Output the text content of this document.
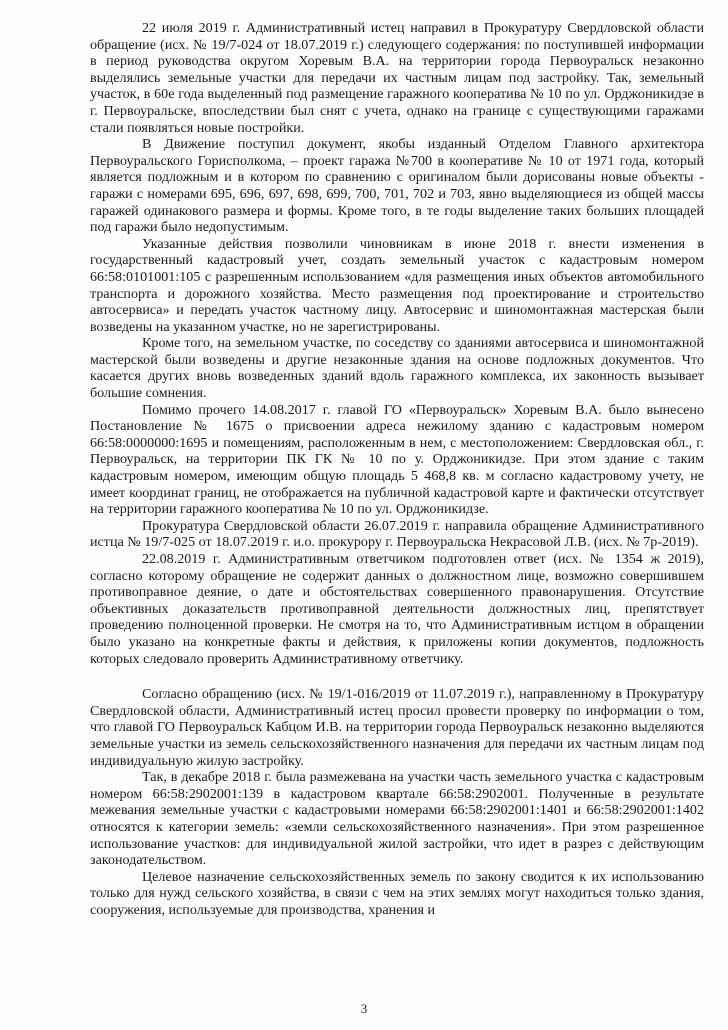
22 июля 2019 г. Административный истец направил в Прокуратуру Свердловской области обращение (исх. № 19/7-024 от 18.07.2019 г.) следующего содержания: по поступившей информации в период руководства округом Хоревым В.А. на территории города Первоуральск незаконно выделялись земельные участки для передачи их частным лицам под застройку. Так, земельный участок, в 60е года выделенный под размещение гаражного кооператива № 10 по ул. Орджоникидзе в г. Первоуральске, впоследствии был снят с учета, однако на границе с существующими гаражами стали появляться новые постройки.

В Движение поступил документ, якобы изданный Отделом Главного архитектора Первоуральского Горисполкома, – проект гаража №700 в кооперативе № 10 от 1971 года, который является подложным и в котором по сравнению с оригиналом были дорисованы новые объекты - гаражи с номерами 695, 696, 697, 698, 699, 700, 701, 702 и 703, явно выделяющиеся из общей массы гаражей одинакового размера и формы. Кроме того, в те годы выделение таких больших площадей под гаражи было недопустимым.

Указанные действия позволили чиновникам в июне 2018 г. внести изменения в государственный кадастровый учет, создать земельный участок с кадастровым номером 66:58:0101001:105 с разрешенным использованием «для размещения иных объектов автомобильного транспорта и дорожного хозяйства. Место размещения под проектирование и строительство автосервиса» и передать участок частному лицу. Автосервис и шиномонтажная мастерская были возведены на указанном участке, но не зарегистрированы.

Кроме того, на земельном участке, по соседству со зданиями автосервиса и шиномонтажной мастерской были возведены и другие незаконные здания на основе подложных документов. Что касается других вновь возведенных зданий вдоль гаражного комплекса, их законность вызывает большие сомнения.

Помимо прочего 14.08.2017 г. главой ГО «Первоуральск» Хоревым В.А. было вынесено Постановление № 1675 о присвоении адреса нежилому зданию с кадастровым номером 66:58:0000000:1695 и помещениям, расположенным в нем, с местоположением: Свердловская обл., г. Первоуральск, на территории ПК ГК № 10 по у. Орджоникидзе. При этом здание с таким кадастровым номером, имеющим общую площадь 5 468,8 кв. м согласно кадастровому учету, не имеет координат границ, не отображается на публичной кадастровой карте и фактически отсутствует на территории гаражного кооператива № 10 по ул. Орджоникидзе.

Прокуратура Свердловской области 26.07.2019 г. направила обращение Административного истца № 19/7-025 от 18.07.2019 г. и.о. прокурору г. Первоуральска Некрасовой Л.В. (исх. № 7р-2019).

22.08.2019 г. Административным ответчиком подготовлен ответ (исх. № 1354 ж 2019), согласно которому обращение не содержит данных о должностном лице, возможно совершившем противоправное деяние, о дате и обстоятельствах совершенного правонарушения. Отсутствие объективных доказательств противоправной деятельности должностных лиц, препятствует проведению полноценной проверки. Не смотря на то, что Административным истцом в обращении было указано на конкретные факты и действия, к приложены копии документов, подложность которых следовало проверить Административному ответчику.

Согласно обращению (исх. № 19/1-016/2019 от 11.07.2019 г.), направленному в Прокуратуру Свердловской области, Административный истец просил провести проверку по информации о том, что главой ГО Первоуральск Кабцом И.В. на территории города Первоуральск незаконно выделяются земельные участки из земель сельскохозяйственного назначения для передачи их частным лицам под индивидуальную жилую застройку.

Так, в декабре 2018 г. была размежевана на участки часть земельного участка с кадастровым номером 66:58:2902001:139 в кадастровом квартале 66:58:2902001. Полученные в результате межевания земельные участки с кадастровыми номерами 66:58:2902001:1401 и 66:58:2902001:1402 относятся к категории земель: «земли сельскохозяйственного назначения». При этом разрешенное использование участков: для индивидуальной жилой застройки, что идет в разрез с действующим законодательством.

Целевое назначение сельскохозяйственных земель по закону сводится к их использованию только для нужд сельского хозяйства, в связи с чем на этих землях могут находиться только здания, сооружения, используемые для производства, хранения и

3
